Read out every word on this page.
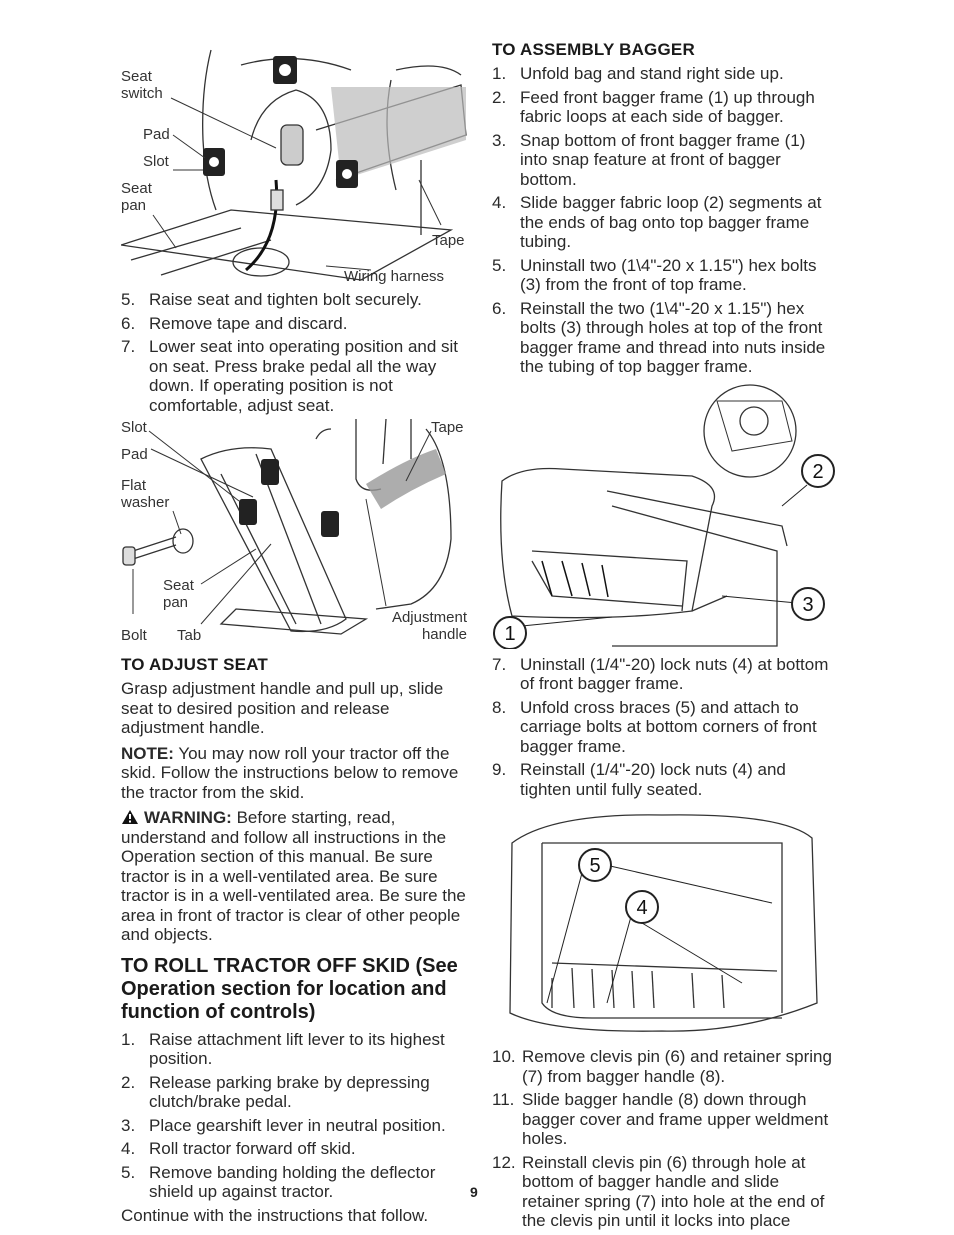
Seat switch
Pad
Slot
Seat pan
Tape
Wiring harness
5. Raise seat and tighten bolt securely.
6. Remove tape and discard.
7. Lower seat into operating position and sit on seat. Press brake pedal all the way down. If operating position is not comfortable, adjust seat.
Slot	Tape
Pad
Flat washer
Seat pan
Adjustment handle
Bolt Tab
TO ADJUST SEAT

Grasp adjustment handle and pull up, slide seat to desired position and release adjustment handle.

NOTE: You may now roll your tractor off the skid. Follow the instructions below to remove the tractor from the skid.

WARNING: Before starting, read, understand and follow all instructions in the Operation section of this manual. Be sure tractor is in a well-ventilated area. Be sure tractor is in a well-ventilated area. Be sure the area in front of tractor is clear of other people and objects.

TO ROLL TRACTOR OFF SKID (See Operation section for location and function of controls)
1. Raise attachment lift lever to its highest position.
2. Release parking brake by depressing clutch/brake pedal.
3. Place gearshift lever in neutral position.
4. Roll tractor forward off skid.
5. Remove banding holding the deflector shield up against tractor.

Continue with the instructions that follow.

TO ASSEMBLY BAGGER
1. Unfold bag and stand right side up.
2. Feed front bagger frame (1) up through fabric loops at each side of bagger.
3. Snap bottom of front bagger frame (1) into snap feature at front of bagger bottom.
4. Slide bagger fabric loop (2) segments at the ends of bag onto top bagger frame tubing.
5. Uninstall two (1\4"-20 x 1.15") hex bolts (3) from the front of top frame.
6. Reinstall the two (1\4"-20 x 1.15") hex bolts (3) through holes at top of the front bagger frame and thread into nuts inside the tubing of top bagger frame.
2
3
1
7. Uninstall (1/4"-20) lock nuts (4) at bottom of front bagger frame.
8. Unfold cross braces (5) and attach to carriage bolts at bottom corners of front bagger frame.
9. Reinstall (1/4"-20) lock nuts (4) and tighten until fully seated.
5
4
10. Remove clevis pin (6) and retainer spring (7) from bagger handle (8).
11. Slide bagger handle (8) down through bagger cover and frame upper weldment holes.
12. Reinstall clevis pin (6) through hole at bottom of bagger handle and slide retainer spring (7) into hole at the end of the clevis pin until it locks into place
9
